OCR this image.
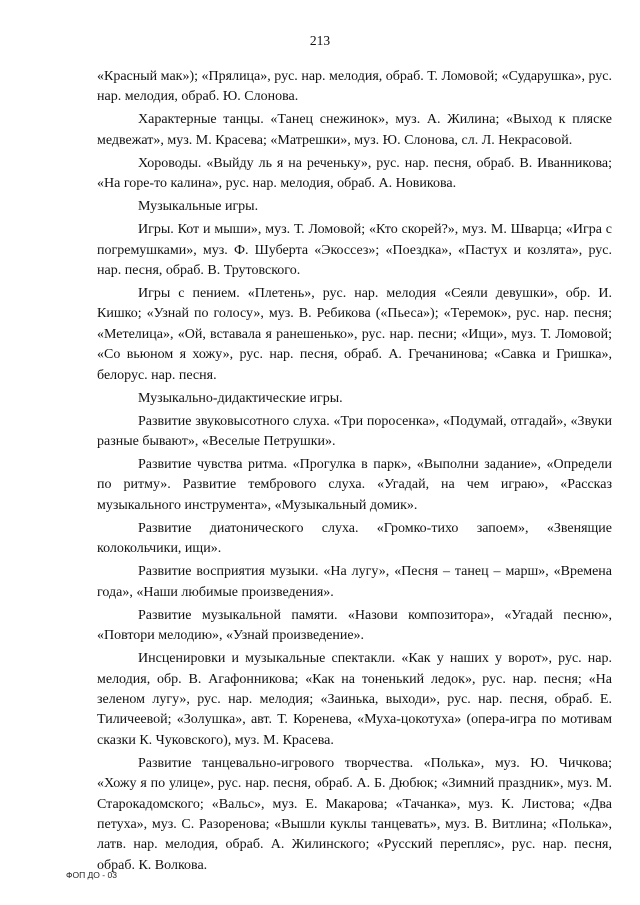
213

«Красный мак»); «Прялица», рус. нар. мелодия, обраб. Т. Ломовой; «Сударушка», рус. нар. мелодия, обраб. Ю. Слонова.

Характерные танцы. «Танец снежинок», муз. А. Жилина; «Выход к пляске медвежат», муз. М. Красева; «Матрешки», муз. Ю. Слонова, сл. Л. Некрасовой.

Хороводы. «Выйду ль я на реченьку», рус. нар. песня, обраб. В. Иванникова; «На горе-то калина», рус. нар. мелодия, обраб. А. Новикова.

Музыкальные игры.

Игры. Кот и мыши», муз. Т. Ломовой; «Кто скорей?», муз. М. Шварца; «Игра с погремушками», муз. Ф. Шуберта «Экоссез»; «Поездка», «Пастух и козлята», рус. нар. песня, обраб. В. Трутовского.

Игры с пением. «Плетень», рус. нар. мелодия «Сеяли девушки», обр. И. Кишко; «Узнай по голосу», муз. В. Ребикова («Пьеса»); «Теремок», рус. нар. песня; «Метелица», «Ой, вставала я ранешенько», рус. нар. песни; «Ищи», муз. Т. Ломовой; «Со вьюном я хожу», рус. нар. песня, обраб. А. Гречанинова; «Савка и Гришка», белорус. нар. песня.

Музыкально-дидактические игры.

Развитие звуковысотного слуха. «Три поросенка», «Подумай, отгадай», «Звуки разные бывают», «Веселые Петрушки».

Развитие чувства ритма. «Прогулка в парк», «Выполни задание», «Определи по ритму». Развитие тембрового слуха. «Угадай, на чем играю», «Рассказ музыкального инструмента», «Музыкальный домик».

Развитие диатонического слуха. «Громко-тихо запоем», «Звенящие колокольчики, ищи».

Развитие восприятия музыки. «На лугу», «Песня – танец – марш», «Времена года», «Наши любимые произведения».

Развитие музыкальной памяти. «Назови композитора», «Угадай песню», «Повтори мелодию», «Узнай произведение».

Инсценировки и музыкальные спектакли. «Как у наших у ворот», рус. нар. мелодия, обр. В. Агафонникова; «Как на тоненький ледок», рус. нар. песня; «На зеленом лугу», рус. нар. мелодия; «Заинька, выходи», рус. нар. песня, обраб. Е. Тиличеевой; «Золушка», авт. Т. Коренева, «Муха-цокотуха» (опера-игра по мотивам сказки К. Чуковского), муз. М. Красева.

Развитие танцевально-игрового творчества. «Полька», муз. Ю. Чичкова; «Хожу я по улице», рус. нар. песня, обраб. А. Б. Дюбюк; «Зимний праздник», муз. М. Старокадомского; «Вальс», муз. Е. Макарова; «Тачанка», муз. К. Листова; «Два петуха», муз. С. Разоренова; «Вышли куклы танцевать», муз. В. Витлина; «Полька», латв. нар. мелодия, обраб. А. Жилинского; «Русский перепляс», рус. нар. песня, обраб. К. Волкова.

ФОП ДО - 03
